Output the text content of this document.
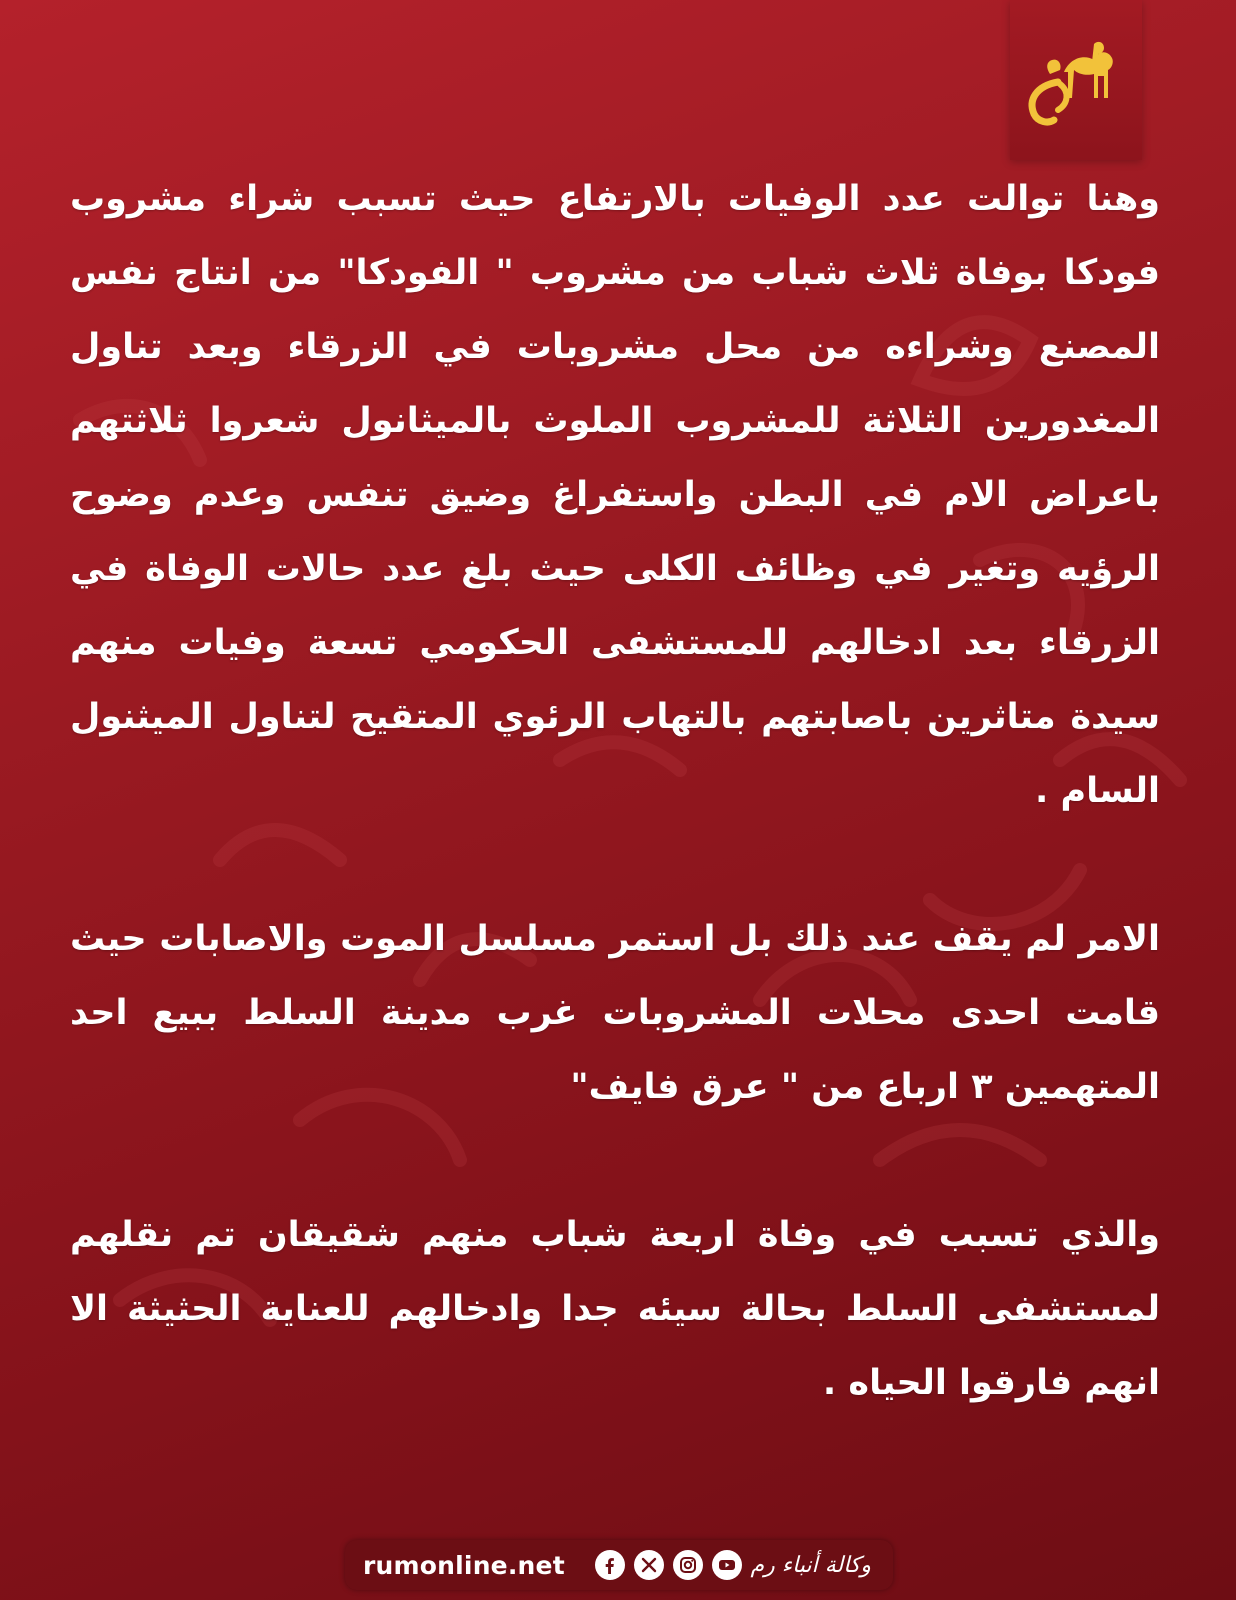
وهنا توالت عدد الوفيات بالارتفاع حيث تسبب شراء مشروب فودكا بوفاة ثلاث شباب من مشروب " الفودكا" من انتاج نفس المصنع وشراءه من محل مشروبات في الزرقاء وبعد تناول المغدورين الثلاثة للمشروب الملوث بالميثانول شعروا ثلاثتهم باعراض الام في البطن واستفراغ وضيق تنفس وعدم وضوح الرؤيه وتغير في وظائف الكلى حيث بلغ عدد حالات الوفاة في الزرقاء بعد ادخالهم للمستشفى الحكومي تسعة وفيات منهم سيدة متاثرين باصابتهم بالتهاب الرئوي المتقيح لتناول الميثنول السام .

الامر لم يقف عند ذلك بل استمر مسلسل الموت والاصابات حيث قامت احدى محلات المشروبات غرب مدينة السلط ببيع احد المتهمين ٣ ارباع من " عرق فايف"

والذي تسبب في وفاة اربعة شباب منهم شقيقان تم نقلهم لمستشفى السلط بحالة سيئه جدا وادخالهم للعناية الحثيثة الا انهم فارقوا الحياه .

rumonline.net	وكالة أنباء رم
